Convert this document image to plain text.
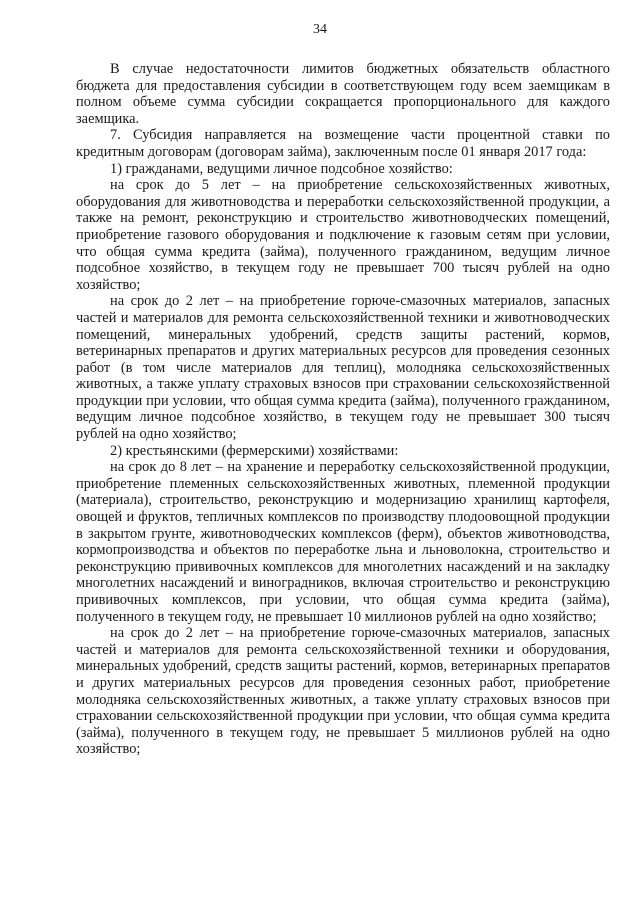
34

В случае недостаточности лимитов бюджетных обязательств областного бюджета для предоставления субсидии в соответствующем году всем заемщикам в полном объеме сумма субсидии сокращается пропорционального для каждого заемщика.

7. Субсидия направляется на возмещение части процентной ставки по кредитным договорам (договорам займа), заключенным после 01 января 2017 года:

1) гражданами, ведущими личное подсобное хозяйство:

на срок до 5 лет – на приобретение сельскохозяйственных животных, оборудования для животноводства и переработки сельскохозяйственной продукции, а также на ремонт, реконструкцию и строительство животноводческих помещений, приобретение газового оборудования и подключение к газовым сетям при условии, что общая сумма кредита (займа), полученного гражданином, ведущим личное подсобное хозяйство, в текущем году не превышает 700 тысяч рублей на одно хозяйство;

на срок до 2 лет – на приобретение горюче-смазочных материалов, запасных частей и материалов для ремонта сельскохозяйственной техники и животноводческих помещений, минеральных удобрений, средств защиты растений, кормов, ветеринарных препаратов и других материальных ресурсов для проведения сезонных работ (в том числе материалов для теплиц), молодняка сельскохозяйственных животных, а также уплату страховых взносов при страховании сельскохозяйственной продукции при условии, что общая сумма кредита (займа), полученного гражданином, ведущим личное подсобное хозяйство, в текущем году не превышает 300 тысяч рублей на одно хозяйство;

2) крестьянскими (фермерскими) хозяйствами:

на срок до 8 лет – на хранение и переработку сельскохозяйственной продукции, приобретение племенных сельскохозяйственных животных, племенной продукции (материала), строительство, реконструкцию и модернизацию хранилищ картофеля, овощей и фруктов, тепличных комплексов по производству плодоовощной продукции в закрытом грунте, животноводческих комплексов (ферм), объектов животноводства, кормопроизводства и объектов по переработке льна и льноволокна, строительство и реконструкцию прививочных комплексов для многолетних насаждений и на закладку многолетних насаждений и виноградников, включая строительство и реконструкцию прививочных комплексов, при условии, что общая сумма кредита (займа), полученного в текущем году, не превышает 10 миллионов рублей на одно хозяйство;

на срок до 2 лет – на приобретение горюче-смазочных материалов, запасных частей и материалов для ремонта сельскохозяйственной техники и оборудования, минеральных удобрений, средств защиты растений, кормов, ветеринарных препаратов и других материальных ресурсов для проведения сезонных работ, приобретение молодняка сельскохозяйственных животных, а также уплату страховых взносов при страховании сельскохозяйственной продукции при условии, что общая сумма кредита (займа), полученного в текущем году, не превышает 5 миллионов рублей на одно хозяйство;
